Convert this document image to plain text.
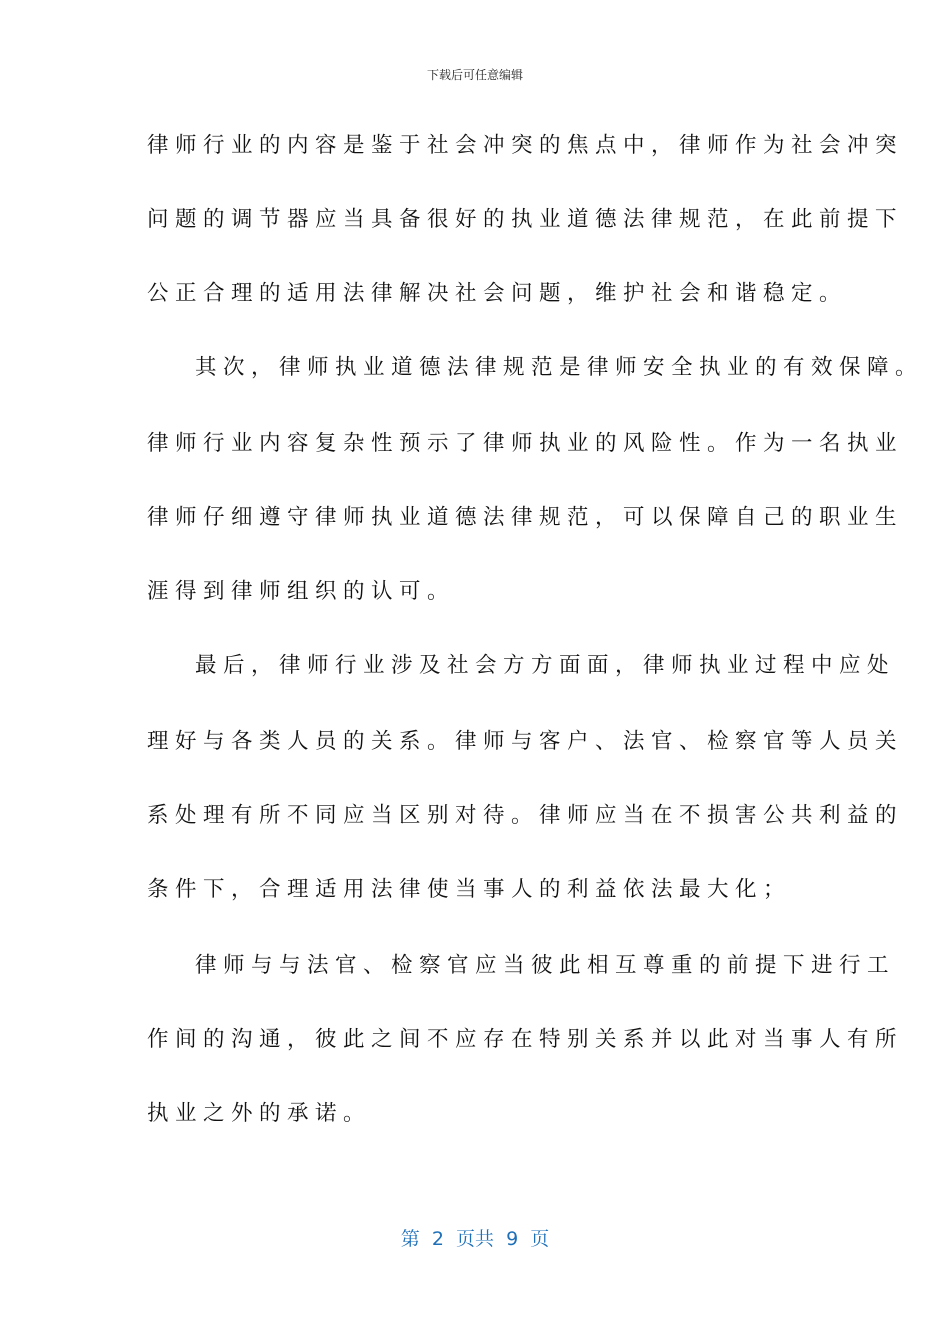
下载后可任意编辑
律师行业的内容是鉴于社会冲突的焦点中，律师作为社会冲突
问题的调节器应当具备很好的执业道德法律规范，在此前提下
公正合理的适用法律解决社会问题，维护社会和谐稳定。
其次，律师执业道德法律规范是律师安全执业的有效保障。
律师行业内容复杂性预示了律师执业的风险性。作为一名执业
律师仔细遵守律师执业道德法律规范，可以保障自己的职业生
涯得到律师组织的认可。
最后，律师行业涉及社会方方面面，律师执业过程中应处
理好与各类人员的关系。律师与客户、法官、检察官等人员关
系处理有所不同应当区别对待。律师应当在不损害公共利益的
条件下，合理适用法律使当事人的利益依法最大化；
律师与与法官、检察官应当彼此相互尊重的前提下进行工
作间的沟通，彼此之间不应存在特别关系并以此对当事人有所
执业之外的承诺。
第  2  页共  9  页
